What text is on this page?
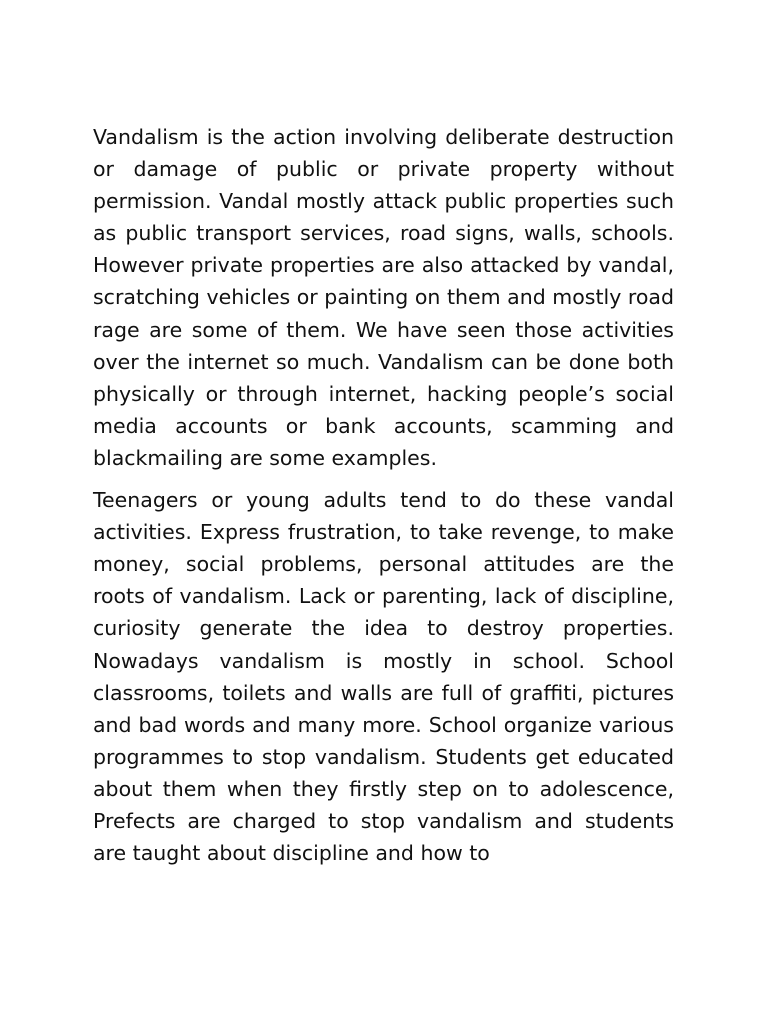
Vandalism is the action involving deliberate destruction or damage of public or private property without permission. Vandal mostly attack public properties such as public transport services, road signs, walls, schools. However private properties are also attacked by vandal, scratching vehicles or painting on them and mostly road rage are some of them. We have seen those activities over the internet so much. Vandalism can be done both physically or through internet, hacking people’s social media accounts or bank accounts, scamming and blackmailing are some examples.

Teenagers or young adults tend to do these vandal activities. Express frustration, to take revenge, to make money, social problems, personal attitudes are the roots of vandalism. Lack or parenting, lack of discipline, curiosity generate the idea to destroy properties. Nowadays vandalism is mostly in school. School classrooms, toilets and walls are full of graffiti, pictures and bad words and many more. School organize various programmes to stop vandalism. Students get educated about them when they firstly step on to adolescence, Prefects are charged to stop vandalism and students are taught about discipline and how to
